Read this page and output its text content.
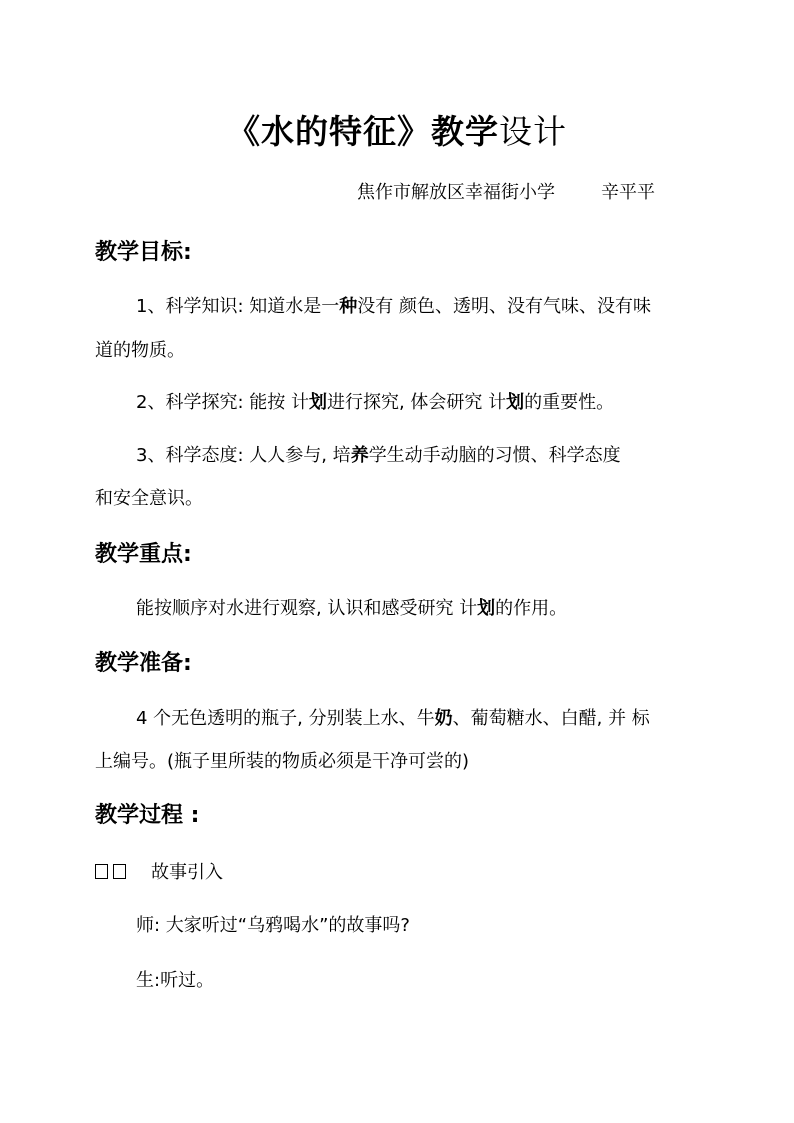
《水的特征》教学设计
焦作市解放区幸福街小学	辛平平
教学目标:
1、科学知识: 知道水是一种没有 颜色、透明、没有气味、没有味
道的物质。
2、科学探究: 能按 计划进行探究, 体会研究 计划的重要性。
3、科学态度: 人人参与, 培养学生动手动脑的习惯、科学态度
和安全意识。
教学重点:
能按顺序对水进行观察, 认识和感受研究 计划的作用。
教学准备:
4 个无色透明的瓶子, 分别装上水、牛奶、葡萄糖水、白醋, 并 标
上编号。(瓶子里所装的物质必须是干净可尝的)
教学过程 :
故事引入
师: 大家听过“乌鸦喝水”的故事吗?
生:听过。
